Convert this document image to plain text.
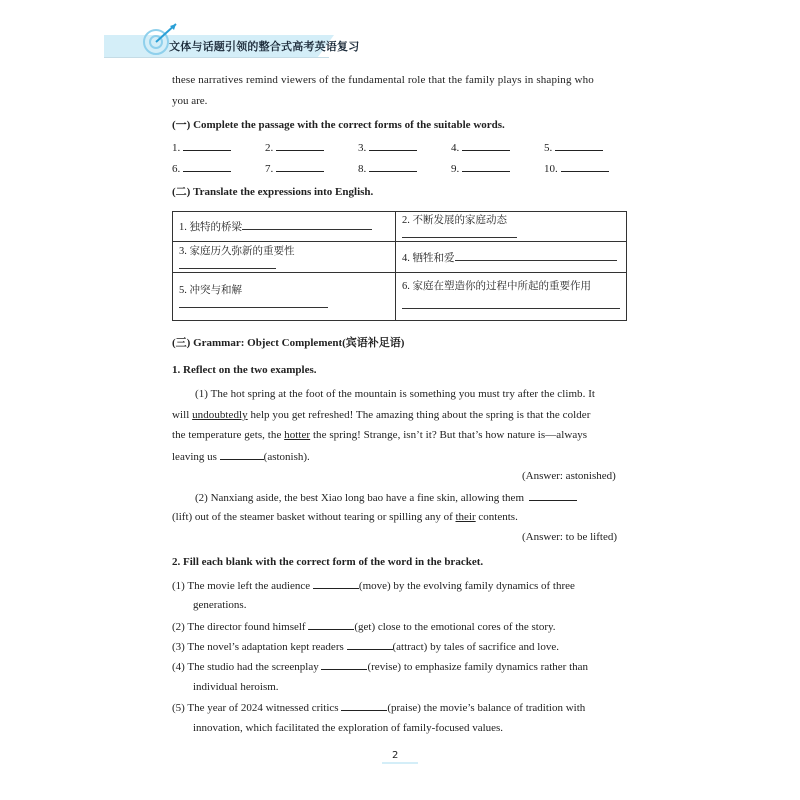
文体与话题引领的整合式高考英语复习
these narratives remind viewers of the fundamental role that the family plays in shaping who
you are.
(一) Complete the passage with the correct forms of the suitable words.
1.	2.	3.	4.	5.
6.	7.	8.	9.	10.
(二) Translate the expressions into English.
1. 独特的桥梁	2. 不断发展的家庭动态
3. 家庭历久弥新的重要性	4. 牺牲和爱
5. 冲突与和解	6. 家庭在塑造你的过程中所起的重要作用

(三) Grammar: Object Complement(宾语补足语)
1. Reflect on the two examples.
(1) The hot spring at the foot of the mountain is something you must try after the climb. It
will undoubtedly help you get refreshed! The amazing thing about the spring is that the colder
the temperature gets, the hotter the spring! Strange, isn’t it? But that’s how nature is—always
leaving us	(astonish).
(Answer: astonished)
(2) Nanxiang aside, the best Xiao long bao have a fine skin, allowing them
(lift) out of the steamer basket without tearing or spilling any of their contents.
(Answer: to be lifted)
2. Fill each blank with the correct form of the word in the bracket.
(1) The movie left the audience	(move) by the evolving family dynamics of three
generations.
(2) The director found himself	(get) close to the emotional cores of the story.
(3) The novel’s adaptation kept readers	(attract) by tales of sacrifice and love.
(4) The studio had the screenplay	(revise) to emphasize family dynamics rather than
individual heroism.
(5) The year of 2024 witnessed critics	(praise) the movie’s balance of tradition with
innovation, which facilitated the exploration of family-focused values.
2
